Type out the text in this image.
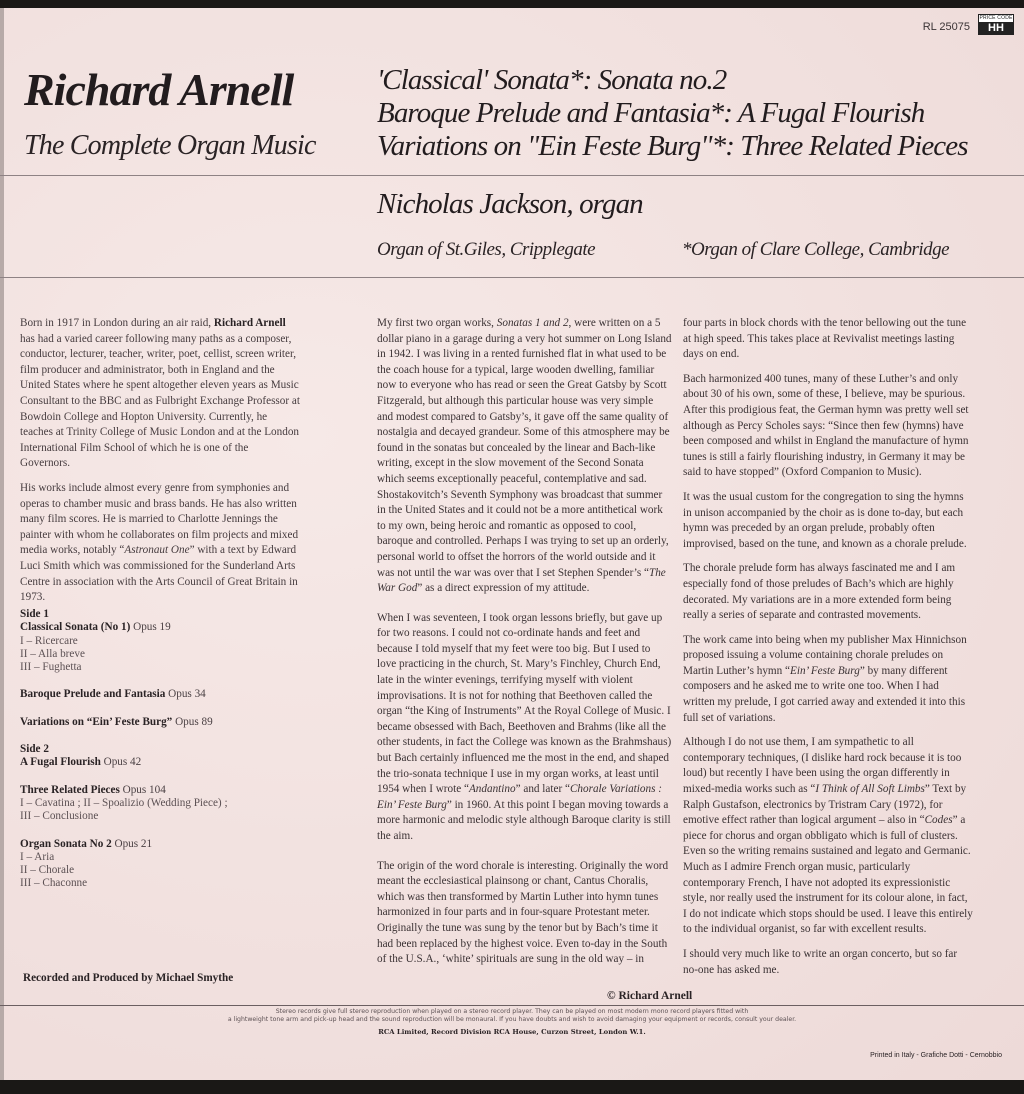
RL 25075
PRICE CODE
HH
Richard Arnell
The Complete Organ Music
'Classical' Sonata*: Sonata no.2
Baroque Prelude and Fantasia*: A Fugal Flourish
Variations on "Ein Feste Burg"*: Three Related Pieces
Nicholas Jackson, organ
Organ of St.Giles, Cripplegate	*Organ of Clare College, Cambridge

Born in 1917 in London during an air raid, Richard Arnell has had a varied career following many paths as a composer, conductor, lecturer, teacher, writer, poet, cellist, screen writer, film producer and administrator, both in England and the United States where he spent altogether eleven years as Music Consultant to the BBC and as Fulbright Exchange Professor at Bowdoin College and Hopton University. Currently, he teaches at Trinity College of Music London and at the London International Film School of which he is one of the Governors.

His works include almost every genre from symphonies and operas to chamber music and brass bands. He has also written many film scores. He is married to Charlotte Jennings the painter with whom he collaborates on film projects and mixed media works, notably “Astronaut One” with a text by Edward Luci Smith which was commissioned for the Sunderland Arts Centre in association with the Arts Council of Great Britain in 1973.

Side 1
Classical Sonata (No 1) Opus 19
I – Ricercare
II – Alla breve
III – Fughetta
Baroque Prelude and Fantasia Opus 34
Variations on “Ein’ Feste Burg” Opus 89
Side 2
A Fugal Flourish Opus 42
Three Related Pieces Opus 104
I – Cavatina ; II – Spoalizio (Wedding Piece) ;
III – Conclusione
Organ Sonata No 2 Opus 21
I – Aria
II – Chorale
III – Chaconne
Recorded and Produced by Michael Smythe

My first two organ works, Sonatas 1 and 2, were written on a 5 dollar piano in a garage during a very hot summer on Long Island in 1942. I was living in a rented furnished flat in what used to be the coach house for a typical, large wooden dwelling, familiar now to everyone who has read or seen the Great Gatsby by Scott Fitzgerald, but although this particular house was very simple and modest compared to Gatsby’s, it gave off the same quality of nostalgia and decayed grandeur. Some of this atmosphere may be found in the sonatas but concealed by the linear and Bach-like writing, except in the slow movement of the Second Sonata which seems exceptionally peaceful, contemplative and sad. Shostakovitch’s Seventh Symphony was broadcast that summer in the United States and it could not be a more antithetical work to my own, being heroic and romantic as opposed to cool, baroque and controlled. Perhaps I was trying to set up an orderly, personal world to offset the horrors of the world outside and it was not until the war was over that I set Stephen Spender’s “The War God” as a direct expression of my attitude.

When I was seventeen, I took organ lessons briefly, but gave up for two reasons. I could not co-ordinate hands and feet and because I told myself that my feet were too big. But I used to love practicing in the church, St. Mary’s Finchley, Church End, late in the winter evenings, terrifying myself with violent improvisations. It is not for nothing that Beethoven called the organ “the King of Instruments” At the Royal College of Music. I became obsessed with Bach, Beethoven and Brahms (like all the other students, in fact the College was known as the Brahmshaus) but Bach certainly influenced me the most in the end, and shaped the trio-sonata technique I use in my organ works, at least until 1954 when I wrote “Andantino” and later “Chorale Variations : Ein’ Feste Burg” in 1960. At this point I began moving towards a more harmonic and melodic style although Baroque clarity is still the aim.

The origin of the word chorale is interesting. Originally the word meant the ecclesiastical plainsong or chant, Cantus Choralis, which was then transformed by Martin Luther into hymn tunes harmonized in four parts and in four-square Protestant meter. Originally the tune was sung by the tenor but by Bach’s time it had been replaced by the highest voice. Even to-day in the South of the U.S.A., ‘white’ spirituals are sung in the old way – in

four parts in block chords with the tenor bellowing out the tune at high speed. This takes place at Revivalist meetings lasting days on end.

Bach harmonized 400 tunes, many of these Luther’s and only about 30 of his own, some of these, I believe, may be spurious. After this prodigious feat, the German hymn was pretty well set although as Percy Scholes says: “Since then few (hymns) have been composed and whilst in England the manufacture of hymn tunes is still a fairly flourishing industry, in Germany it may be said to have stopped” (Oxford Companion to Music).

It was the usual custom for the congregation to sing the hymns in unison accompanied by the choir as is done to-day, but each hymn was preceded by an organ prelude, probably often improvised, based on the tune, and known as a chorale prelude.

The chorale prelude form has always fascinated me and I am especially fond of those preludes of Bach’s which are highly decorated. My variations are in a more extended form being really a series of separate and contrasted movements.

The work came into being when my publisher Max Hinnichson proposed issuing a volume containing chorale preludes on Martin Luther’s hymn “Ein’ Feste Burg” by many different composers and he asked me to write one too. When I had written my prelude, I got carried away and extended it into this full set of variations.

Although I do not use them, I am sympathetic to all contemporary techniques, (I dislike hard rock because it is too loud) but recently I have been using the organ differently in mixed-media works such as “I Think of All Soft Limbs” Text by Ralph Gustafson, electronics by Tristram Cary (1972), for emotive effect rather than logical argument – also in “Codes” a piece for chorus and organ obbligato which is full of clusters. Even so the writing remains sustained and legato and Germanic. Much as I admire French organ music, particularly contemporary French, I have not adopted its expressionistic style, nor really used the instrument for its colour alone, in fact, I do not indicate which stops should be used. I leave this entirely to the individual organist, so far with excellent results.

I should very much like to write an organ concerto, but so far no-one has asked me.

© Richard Arnell
Stereo records give full stereo reproduction when played on a stereo record player. They can be played on most modern mono record players fitted with
a lightweight tone arm and pick-up head and the sound reproduction will be monaural. If you have doubts and wish to avoid damaging your equipment or records, consult your dealer.
RCA Limited, Record Division RCA House, Curzon Street, London W.1.
Printed in Italy - Grafiche Dotti - Cernobbio
